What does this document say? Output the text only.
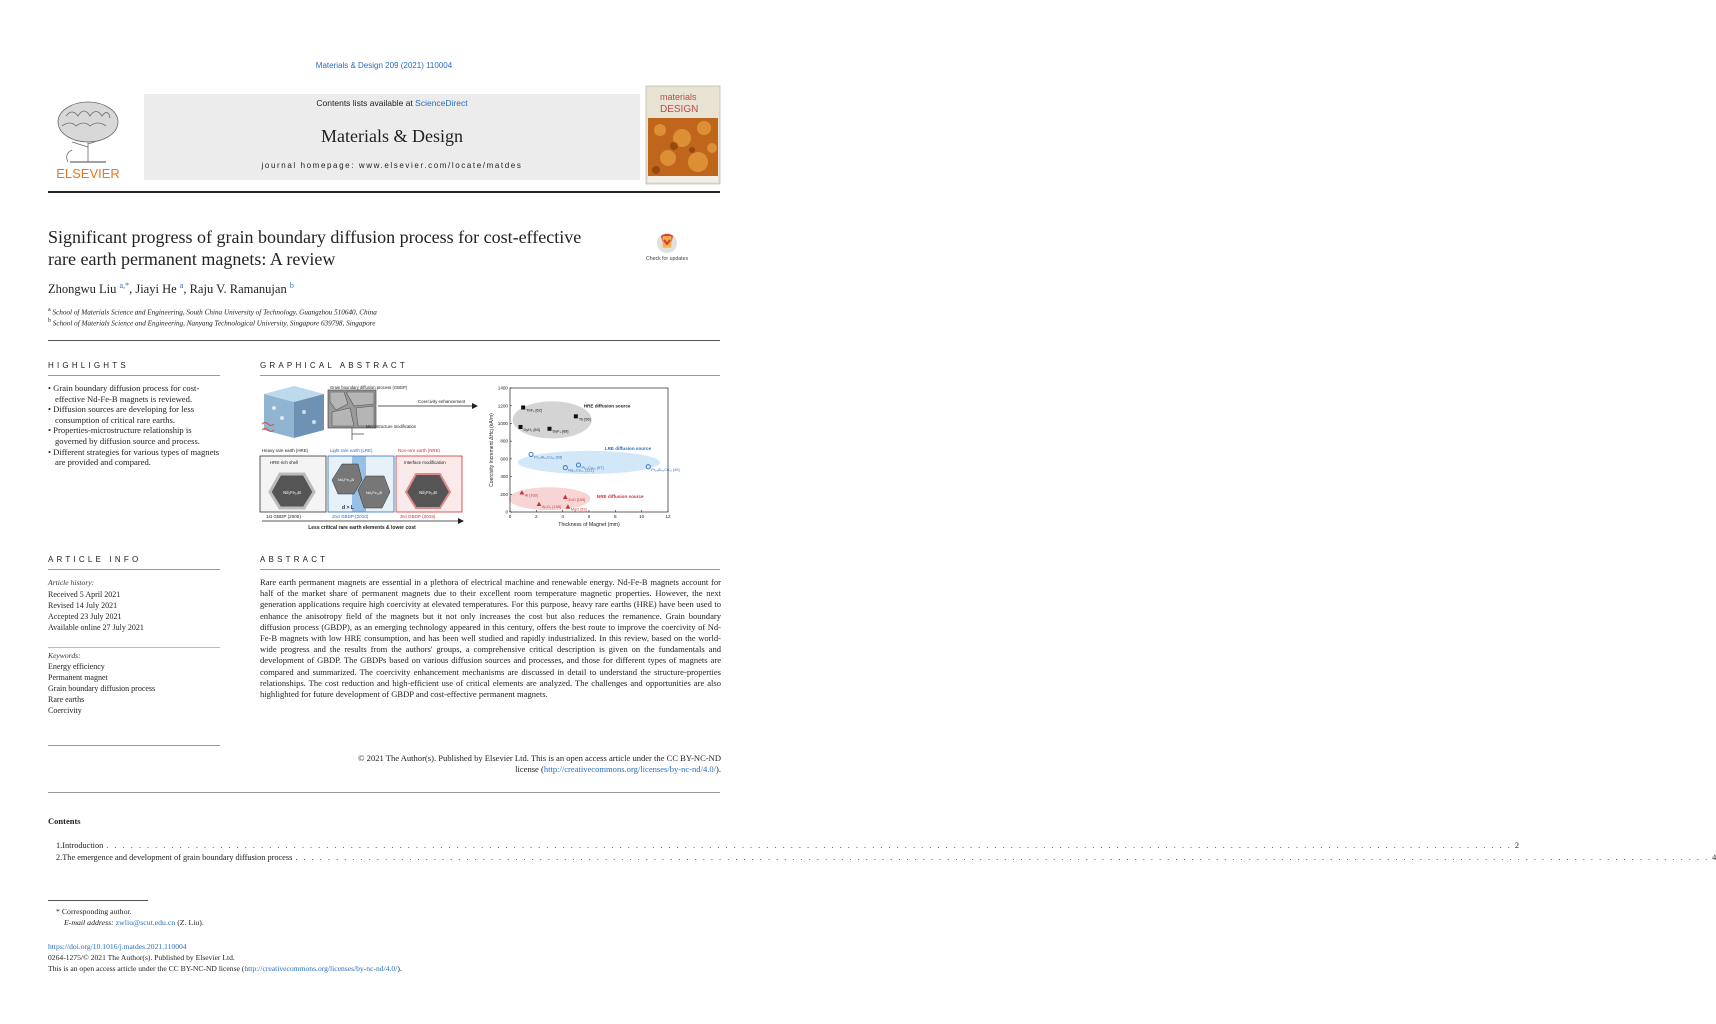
Materials & Design 209 (2021) 110004
ELSEVIER
Contents lists available at ScienceDirect
Materials & Design
journal homepage: www.elsevier.com/locate/matdes
materials
DESIGN
Significant progress of grain boundary diffusion process for cost-effective rare earth permanent magnets: A review	Check for updates
Zhongwu Liu $^{a,*}$, Jiayi He $^a$, Raju V. Ramanujan $^b$
$^a$ School of Materials Science and Engineering, South China University of Technology, Guangzhou 510640, China
$^b$ School of Materials Science and Engineering, Nanyang Technological University, Singapore 639798, Singapore
HIGHLIGHTS	GRAPHICAL ABSTRACT
• Grain boundary diffusion process for cost-effective Nd-Fe-B magnets is reviewed.
• Diffusion sources are developing for less consumption of critical rare earths.
• Properties-microstructure relationship is governed by diffusion source and process.
• Different strategies for various types of magnets are provided and compared.
Grain boundary diffusion process (GBDP)
Coercivity enhancement
Microstructure modification
Heavy rare earth (HRE)	Light rare earth (LRE)	Non-rare earth (NRE)
HRE-rich shell
Nd₂Fe₁₄B
Nd₂Fe₁₄B
Nd₂Fe₁₄B
Interface modification
Nd₂Fe₁₄B
d > L
1st GBDP (2005)	2nd GBDP (2010)	3rd GBDP (2015)
Less critical rare earth elements & lower cost
0	2	4	6	8	10	12
0
200
400
600
800
1000
1200
1400
Thickness of Magnet (mm)
Coercivity Increment ΔHcj (kA/m)
HRE diffusion source
LRE diffusion source
NRE diffusion source
TbF₃ [62]
DyH₂ [63]	DyF₃ [88]
Tb [56]
Pr₇₀Al₁₅Cu₁₅ [93]
Nd₇₀Ce₃₀ [121]
Pr₇₀Cu₃₀ [97]	Pr₆₈Al₁₂Cu₂₀ [45]
Al [163]
Al₂O₃ [138]
ZnO [159]
MgO [53]
ARTICLE INFO	ABSTRACT
Article history:
Received 5 April 2021
Revised 14 July 2021
Accepted 23 July 2021
Available online 27 July 2021
Keywords:
Energy efficiency
Permanent magnet
Grain boundary diffusion process
Rare earths
Coercivity
Rare earth permanent magnets are essential in a plethora of electrical machine and renewable energy. Nd-Fe-B magnets account for half of the market share of permanent magnets due to their excellent room temperature magnetic properties. However, the next generation applications require high coercivity at elevated temperatures. For this purpose, heavy rare earths (HRE) have been used to enhance the anisotropy field of the magnets but it not only increases the cost but also reduces the remanence. Grain boundary diffusion process (GBDP), as an emerging technology appeared in this century, offers the best route to improve the coercivity of Nd-Fe-B magnets with low HRE consumption, and has been well studied and rapidly industrialized. In this review, based on the world-wide progress and the results from the authors' groups, a comprehensive critical description is given on the fundamentals and development of GBDP. The GBDPs based on various diffusion sources and processes, and those for different types of magnets are compared and summarized. The coercivity enhancement mechanisms are discussed in detail to understand the structure-properties relationships. The cost reduction and high-efficient use of critical elements are analyzed. The challenges and opportunities are also highlighted for future development of GBDP and cost-effective permanent magnets.
© 2021 The Author(s). Published by Elsevier Ltd. This is an open access article under the CC BY-NC-ND
license (http://creativecommons.org/licenses/by-nc-nd/4.0/).
Contents
1. Introduction . . . . . . . . . . . . . . . . . . . . . . . . . . . . . . . . . . . . . . . . . . . . . . . . . . . . . . . . . . . . . . . . . . . . . . . . . . . . . . . . . . . . . . . . . . . . . . . . . . . . . . . . . . . . . . . . . . . . . . . . . . . . . . . . . . . . . . . . . . . . . . . . . . . . . . . . . . . . . . . . . . . . . . . . . . . . . 2
2. The emergence and development of grain boundary diffusion process . . . . . . . . . . . . . . . . . . . . . . . . . . . . . . . . . . . . . . . . . . . . . . . . . . . . . . . . . . . . . . . . . . . . . . . . . . . . . . . . . . . . . . . . . . . . . . . . . . . . . . . . . . . . . . . . . . . . . . . . . . . . . . . . . . . . . . . . . . . . . . . . . . . . . . . . . . . . . . . . . . . . . . . . . . . . . . 4
* Corresponding author.
E-mail address: zwliu@scut.edu.cn (Z. Liu).
https://doi.org/10.1016/j.matdes.2021.110004
0264-1275/© 2021 The Author(s). Published by Elsevier Ltd.
This is an open access article under the CC BY-NC-ND license (http://creativecommons.org/licenses/by-nc-nd/4.0/).
